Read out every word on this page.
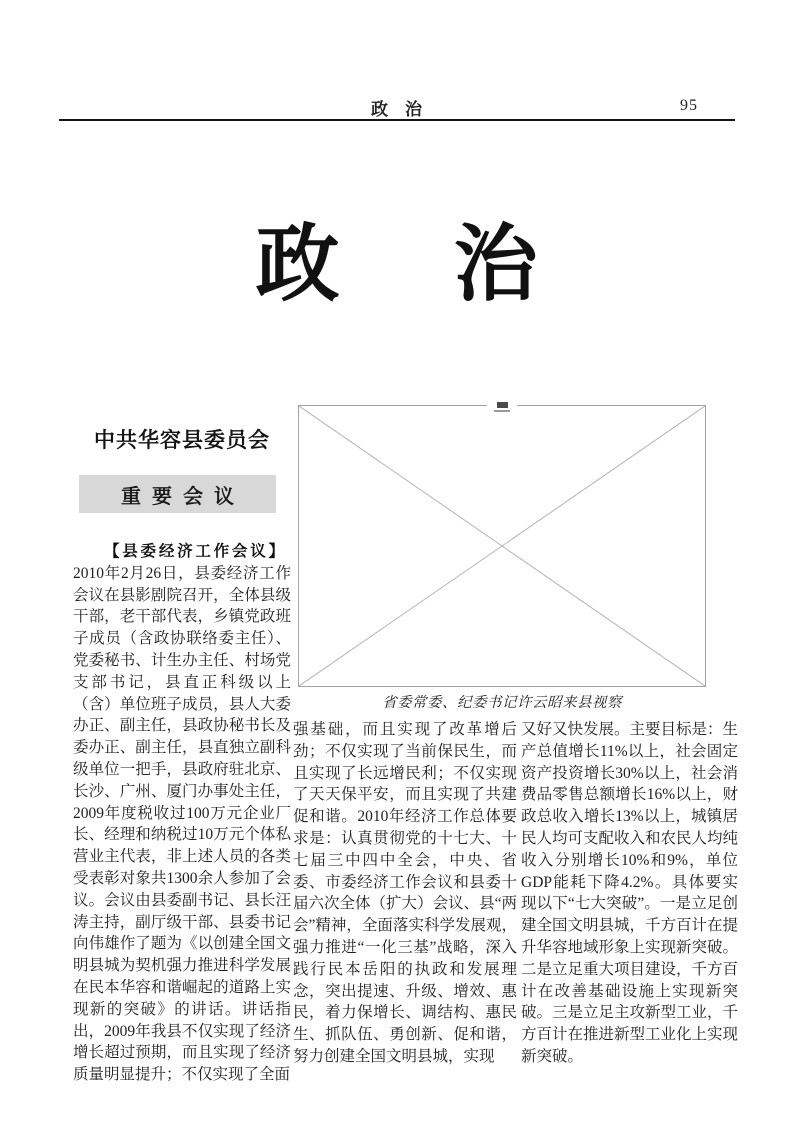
政　治	95
政 治
中共华容县委员会
重要会议

【县委经济工作会议】2010年2月26日，县委经济工作会议在县影剧院召开，全体县级干部，老干部代表，乡镇党政班子成员（含政协联络委主任）、党委秘书、计生办主任、村场党支部书记，县直正科级以上（含）单位班子成员，县人大委办正、副主任，县政协秘书长及委办正、副主任，县直独立副科级单位一把手，县政府驻北京、长沙、广州、厦门办事处主任，2009年度税收过100万元企业厂长、经理和纳税过10万元个体私营业主代表，非上述人员的各类受表彰对象共1300余人参加了会议。会议由县委副书记、县长汪涛主持，副厅级干部、县委书记向伟雄作了题为《以创建全国文明县城为契机强力推进科学发展在民本华容和谐崛起的道路上实现新的突破》的讲话。讲话指出，2009年我县不仅实现了经济增长超过预期，而且实现了经济质量明显提升；不仅实现了全面

省委常委、纪委书记许云昭来县视察

强基础，而且实现了改革增后劲；不仅实现了当前保民生，而且实现了长远增民利；不仅实现了天天保平安，而且实现了共建促和谐。2010年经济工作总体要求是：认真贯彻党的十七大、十七届三中四中全会，中央、省委、市委经济工作会议和县委十届六次全体（扩大）会议、县“两会”精神，全面落实科学发展观，强力推进“一化三基”战略，深入践行民本岳阳的执政和发展理念，突出提速、升级、增效、惠民，着力保增长、调结构、惠民生、抓队伍、勇创新、促和谐，努力创建全国文明县城，实现

又好又快发展。主要目标是：生产总值增长11%以上，社会固定资产投资增长30%以上，社会消费品零售总额增长16%以上，财政总收入增长13%以上，城镇居民人均可支配收入和农民人均纯收入分别增长10%和9%，单位GDP能耗下降4.2%。具体要实现以下“七大突破”。一是立足创建全国文明县城，千方百计在提升华容地域形象上实现新突破。二是立足重大项目建设，千方百计在改善基础设施上实现新突破。三是立足主攻新型工业，千方百计在推进新型工业化上实现新突破。
